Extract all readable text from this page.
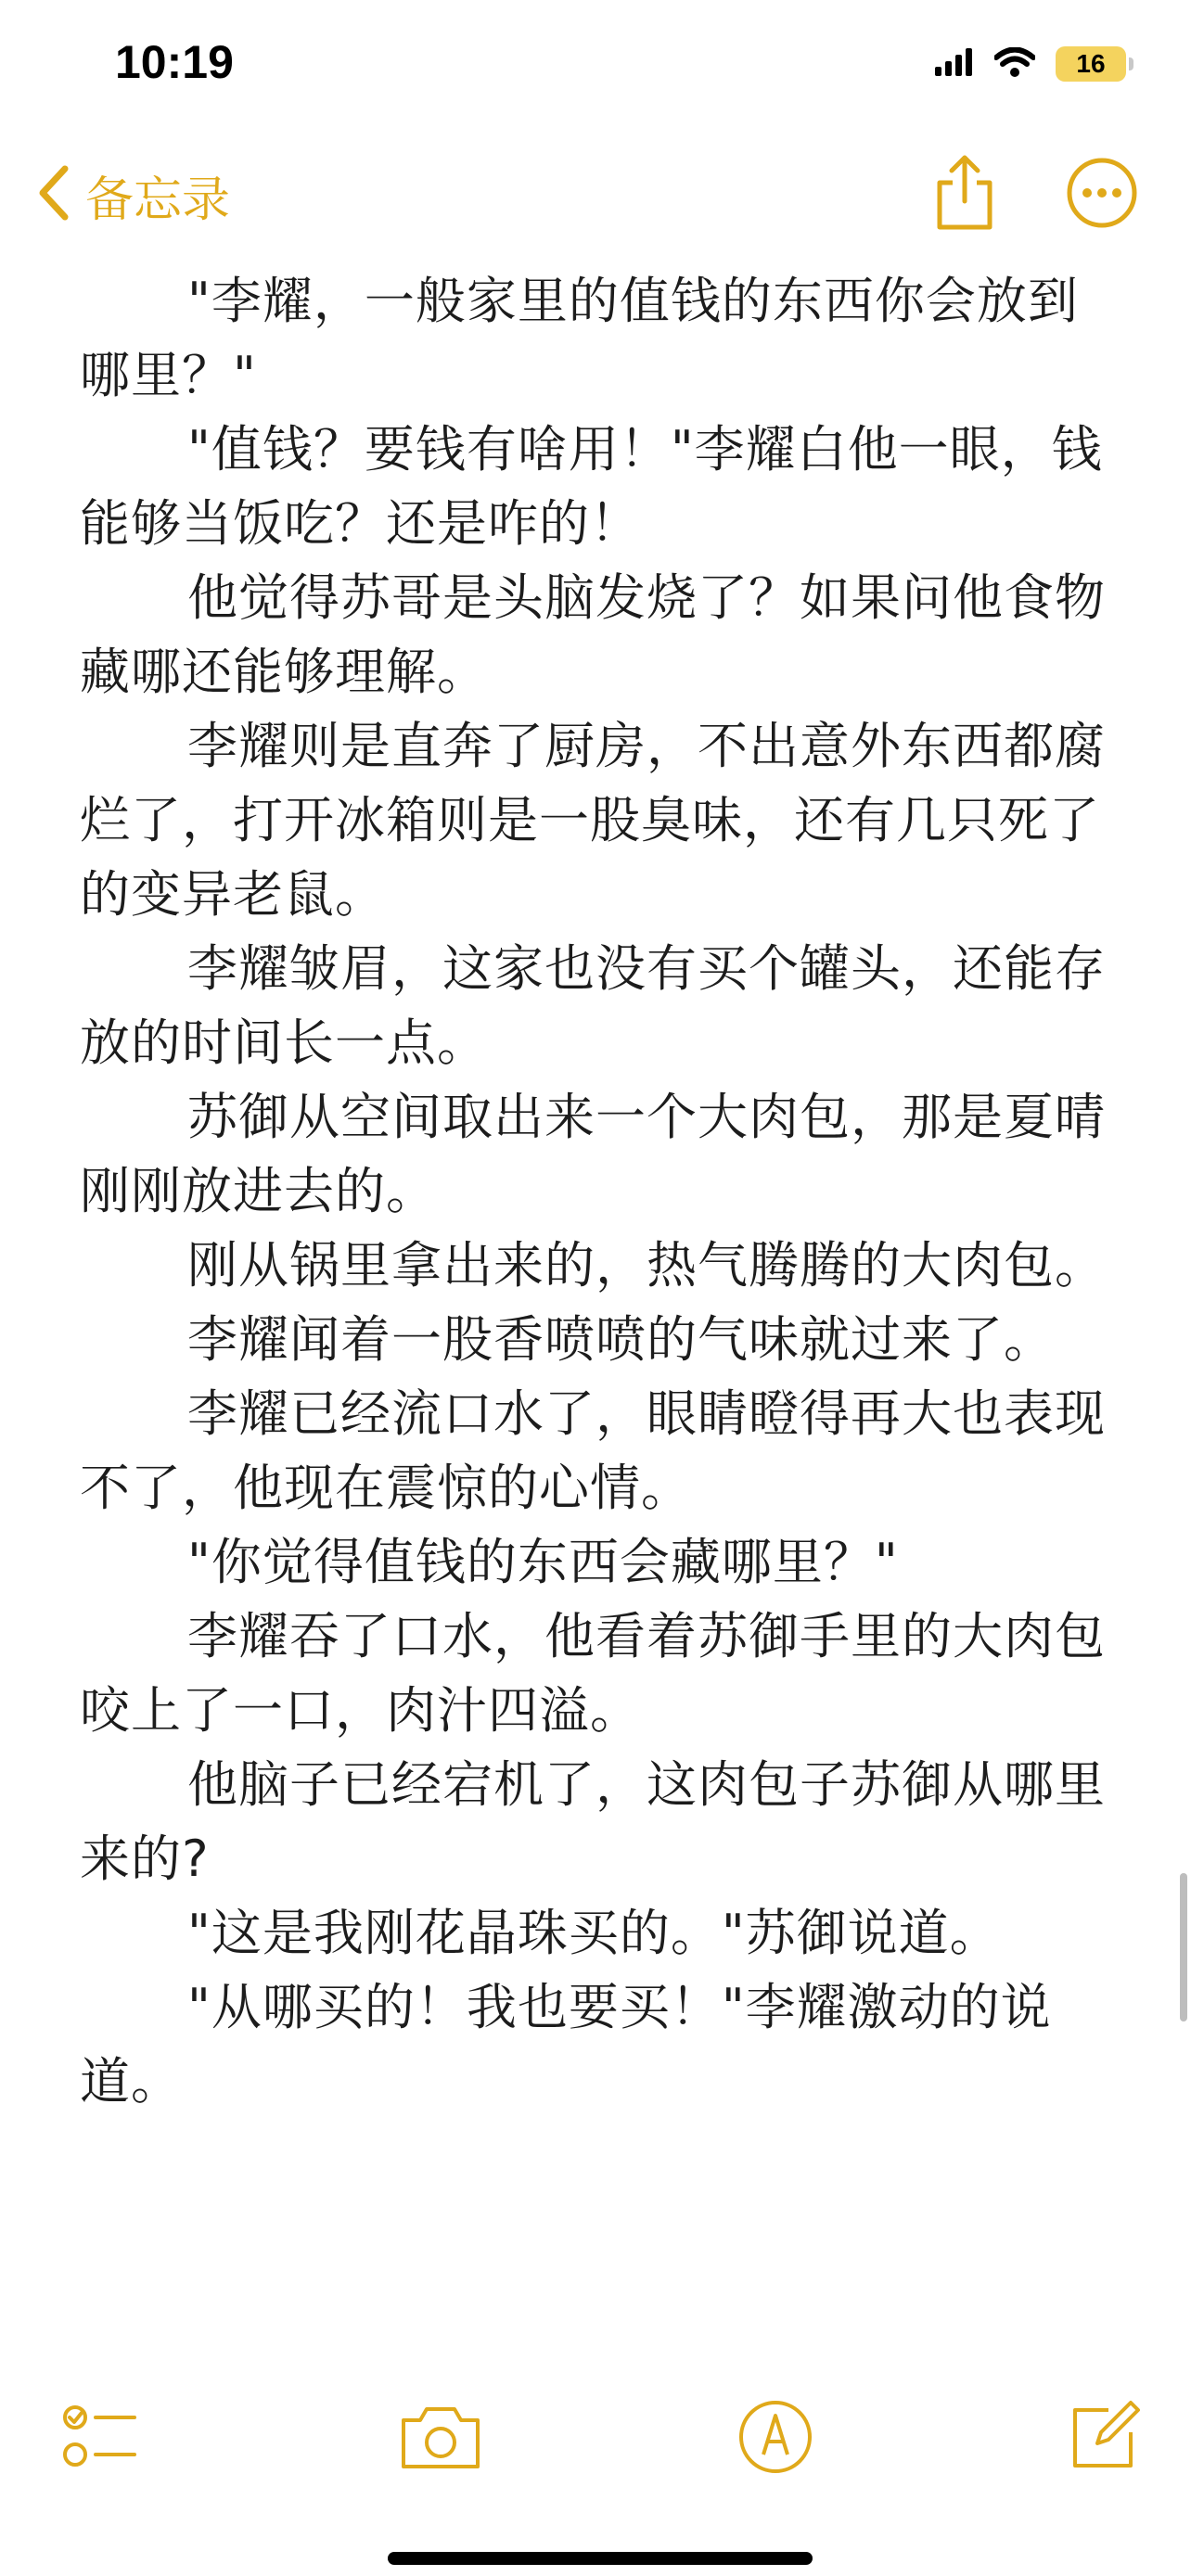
10:19	16
备忘录

"李耀，一般家里的值钱的东西你会放到哪里？"

"值钱？要钱有啥用！"李耀白他一眼，钱能够当饭吃？还是咋的！

他觉得苏哥是头脑发烧了？如果问他食物藏哪还能够理解。

李耀则是直奔了厨房，不出意外东西都腐烂了，打开冰箱则是一股臭味，还有几只死了的变异老鼠。

李耀皱眉，这家也没有买个罐头，还能存放的时间长一点。

苏御从空间取出来一个大肉包，那是夏晴刚刚放进去的。

刚从锅里拿出来的，热气腾腾的大肉包。

李耀闻着一股香喷喷的气味就过来了。

李耀已经流口水了，眼睛瞪得再大也表现不了，他现在震惊的心情。

"你觉得值钱的东西会藏哪里？"

李耀吞了口水，他看着苏御手里的大肉包咬上了一口，肉汁四溢。

他脑子已经宕机了，这肉包子苏御从哪里来的?

"这是我刚花晶珠买的。"苏御说道。

"从哪买的！我也要买！"李耀激动的说道。
